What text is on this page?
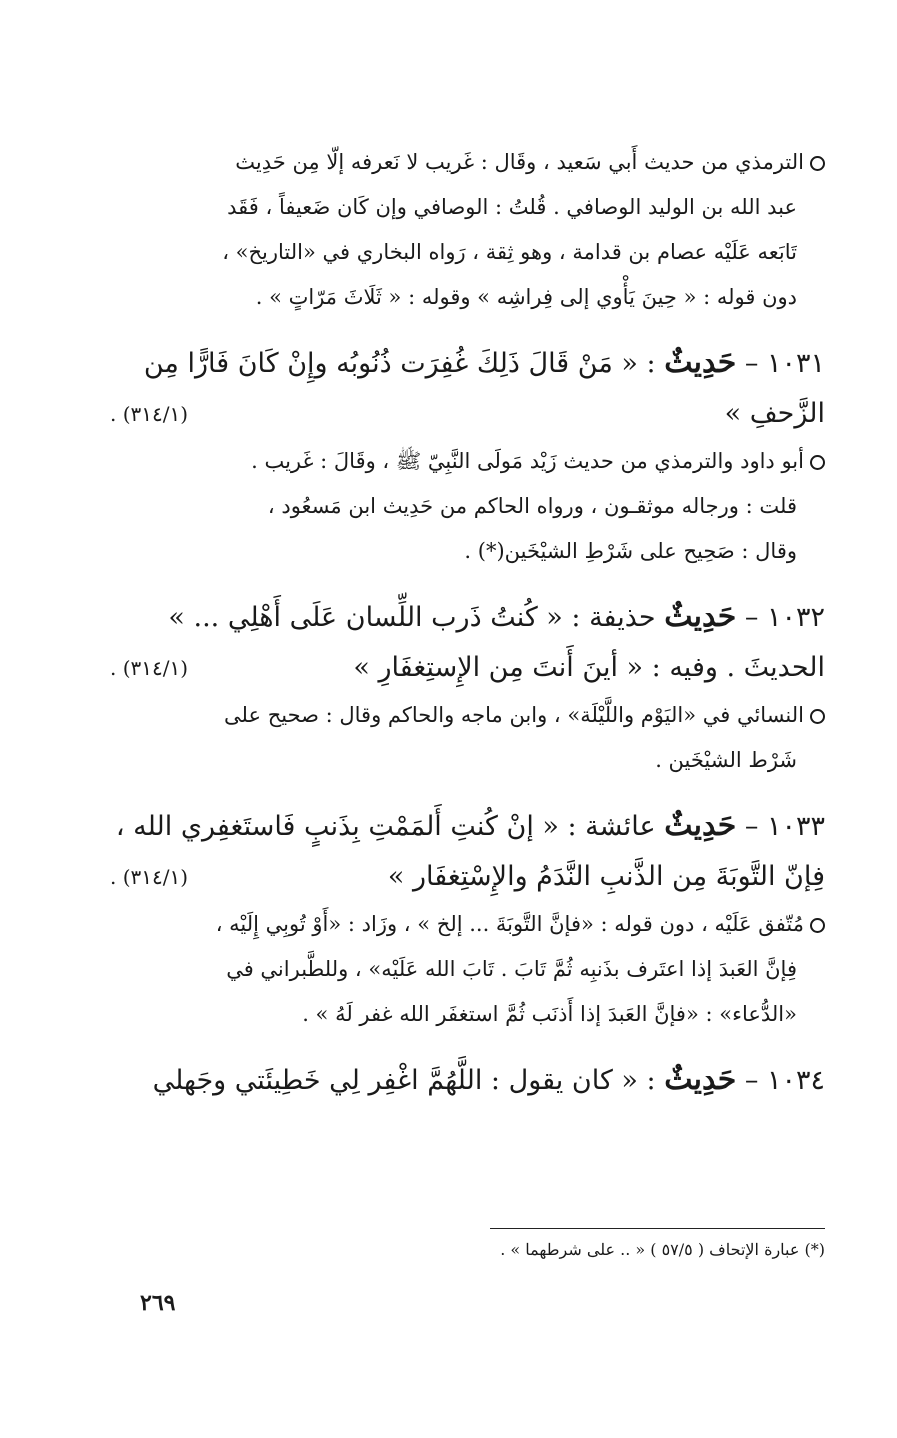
الترمذي من حديث أَبي سَعيد ، وقَال : غَريب لا نَعرفه إلّا مِن حَدِيث
عبد الله بن الوليد الوصافي . قُلتُ : الوصافي وإن كَان ضَعيفاً ، فَقَد
تَابَعه عَلَيْه عصام بن قدامة ، وهو ثِقة ، رَواه البخاري في «التاريخ» ،
دون قوله : « حِينَ يَأْوي إلى فِراشِه » وقوله : « ثَلَاثَ مَرّاتٍ » .
١٠٣١ – حَدِيثٌ : « مَنْ قَالَ ذَلِكَ غُفِرَت ذُنُوبُه وإِنْ كَانَ فَارًّا مِن
الزَّحفِ »
(٣١٤/١) .
أبو داود والترمذي من حديث زَيْد مَولَى النَّبِيّ ﷺ ، وقَالَ : غَريب .
قلت : ورجاله موثقـون ، ورواه الحاكم من حَدِيث ابن مَسعُود ،
وقال : صَحِيح على شَرْطِ الشيْخَين(*) .
١٠٣٢ – حَدِيثٌ حذيفة : « كُنتُ ذَرب اللِّسان عَلَى أَهْلِي ... »
الحديثَ . وفيه : « أينَ أَنتَ مِن الإِستِغفَارِ »
(٣١٤/١) .
النسائي في «اليَوْم واللَّيْلَة» ، وابن ماجه والحاكم وقال : صحيح على
شَرْط الشيْخَين .
١٠٣٣ – حَدِيثٌ عائشة : « إنْ كُنتِ أَلمَمْتِ بِذَنبٍ فَاستَغفِري الله ،
فِإنّ التَّوبَةَ مِن الذَّنبِ النَّدَمُ والإِسْتِغفَار »
(٣١٤/١) .
مُتّفق عَلَيْه ، دون قوله : «فإنَّ التَّوبَةَ ... إلخ » ، وزَاد : «أَوْ تُوبِي إِلَيْه ،
فِإنَّ العَبدَ إذا اعتَرف بذَنبِه ثُمَّ تَابَ . تَابَ الله عَلَيْه» ، وللطَّبراني في
«الدُّعاء» : «فإنَّ العَبدَ إذا أَذنَب ثُمَّ استغفَر الله غفر لَهُ » .
١٠٣٤ – حَدِيثٌ : « كان يقول : اللَّهُمَّ اغْفِر لِي خَطِيئَتي وجَهلي
(*) عبارة الإتحاف ( ٥٧/٥ ) « .. على شرطهما » .
٢٦٩
